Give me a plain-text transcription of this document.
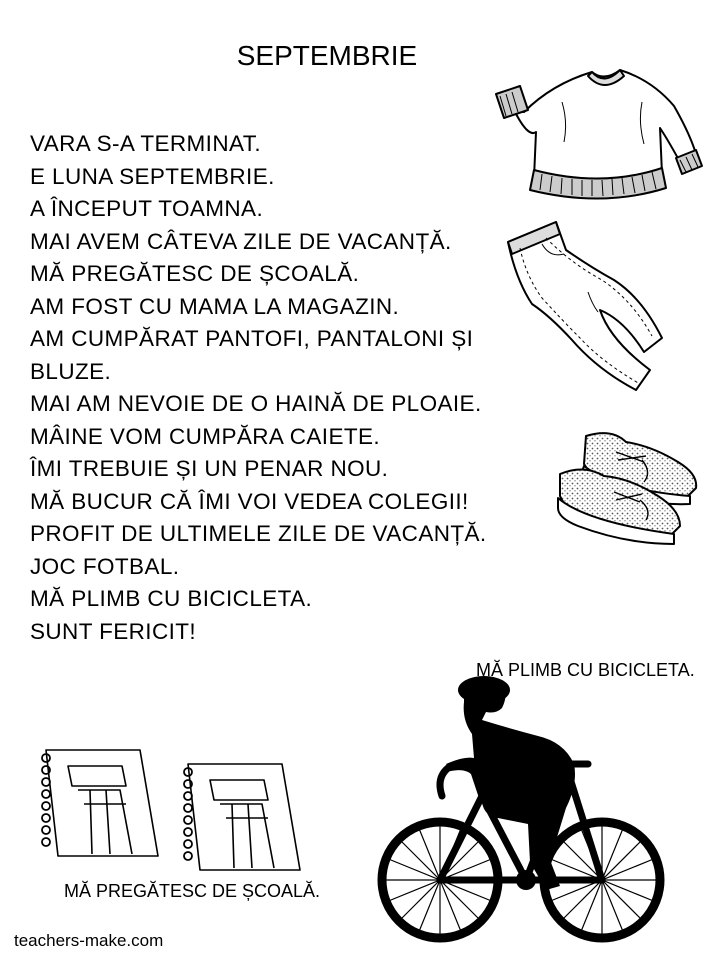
SEPTEMBRIE
VARA S-A TERMINAT.
E LUNA SEPTEMBRIE.
A ÎNCEPUT TOAMNA.
MAI AVEM CÂTEVA ZILE DE VACANȚĂ.
MĂ PREGĂTESC DE ȘCOALĂ.
AM FOST CU MAMA LA MAGAZIN.
AM CUMPĂRAT PANTOFI, PANTALONI ȘI
BLUZE.
MAI AM NEVOIE DE O HAINĂ DE PLOAIE.
MÂINE VOM CUMPĂRA CAIETE.
ÎMI TREBUIE ȘI UN PENAR NOU.
MĂ BUCUR CĂ ÎMI VOI VEDEA COLEGII!
PROFIT DE ULTIMELE ZILE DE VACANȚĂ.
JOC FOTBAL.
MĂ PLIMB CU BICICLETA.
SUNT FERICIT!
MĂ PLIMB CU BICICLETA.
MĂ PREGĂTESC DE ȘCOALĂ.
teachers-make.com
